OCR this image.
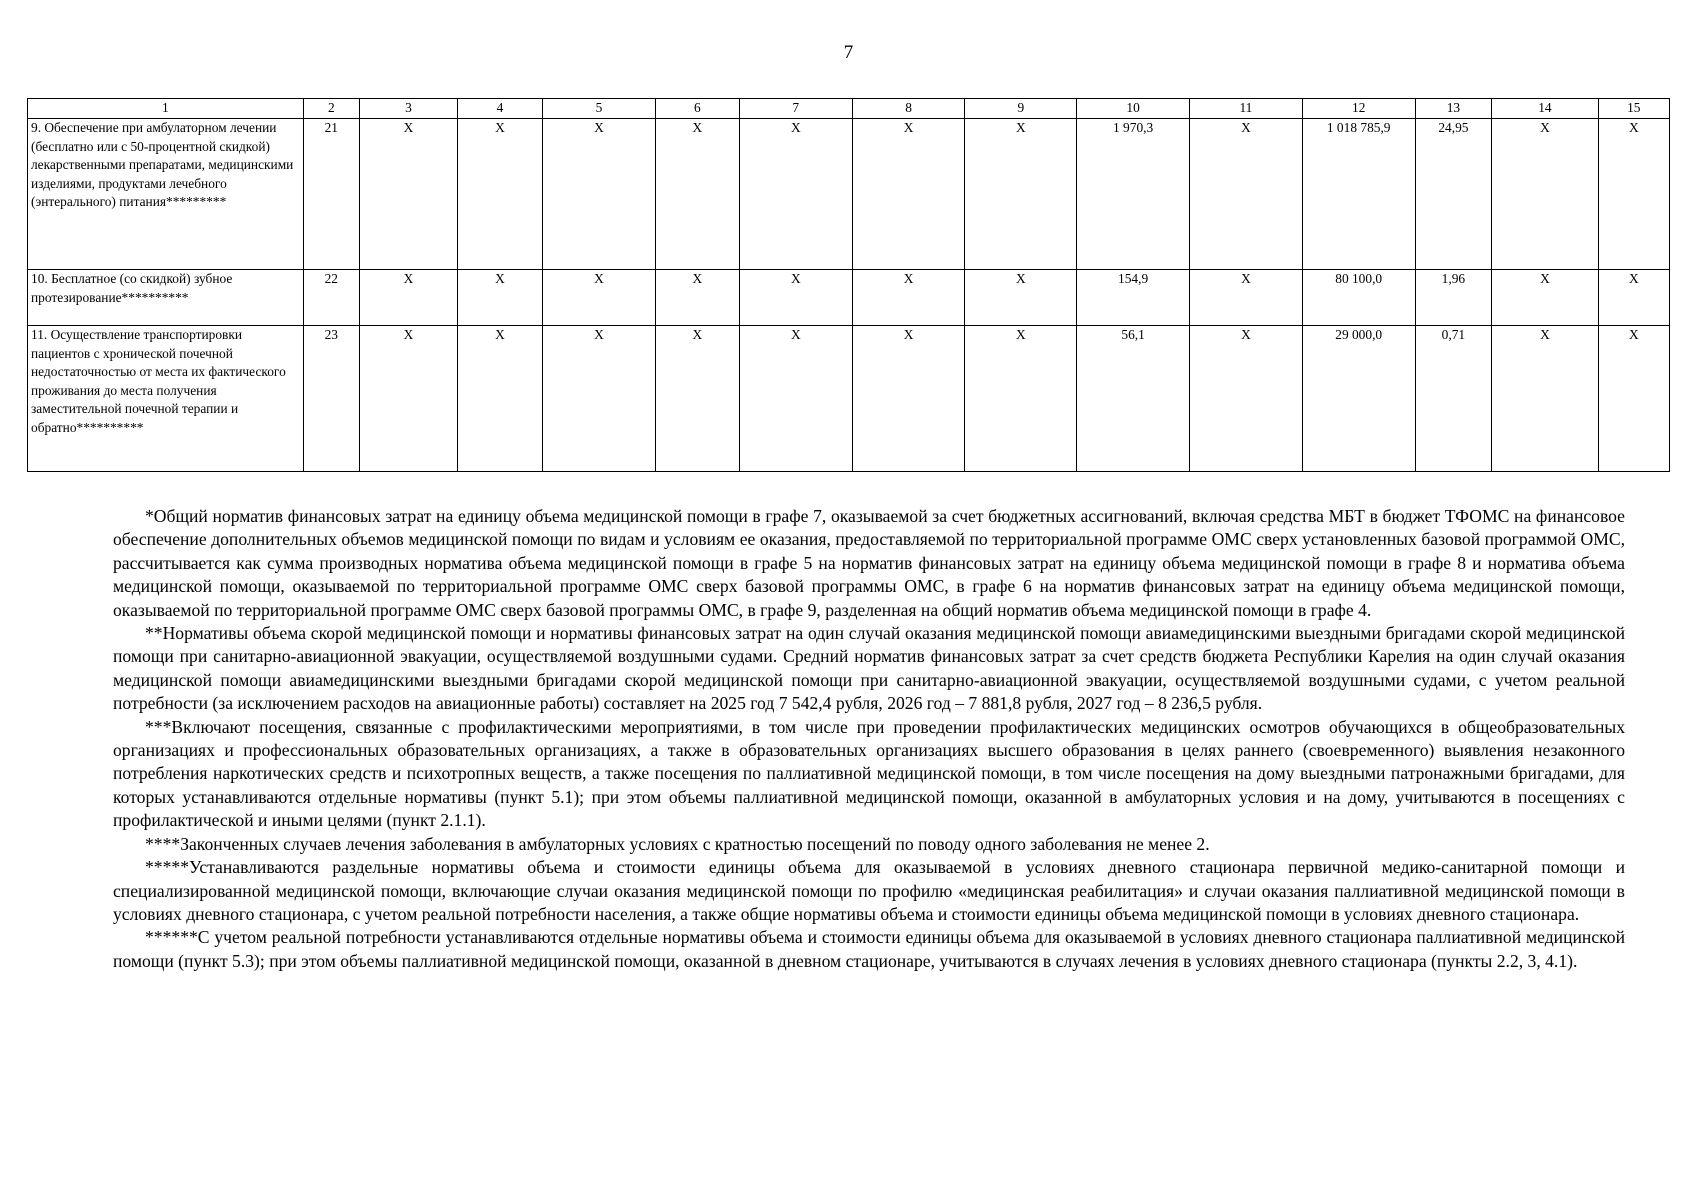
7
1	2	3	4	5	6	7	8	9	10	11	12	13	14	15
9. Обеспечение при амбулаторном лечении (бесплатно или с 50-процентной скидкой) лекарственными препаратами, медицинскими изделиями, продуктами лечебного (энтерального) питания*********	21	X	X	X	X	X	X	X	1 970,3	X	1 018 785,9	24,95	X	X
10. Бесплатное (со скидкой) зубное протезирование**********	22	X	X	X	X	X	X	X	154,9	X	80 100,0	1,96	X	X
11. Осуществление транспортировки пациентов с хронической почечной недостаточностью от места их фактического проживания до места получения заместительной почечной терапии и обратно**********	23	X	X	X	X	X	X	X	56,1	X	29 000,0	0,71	X	X

*Общий норматив финансовых затрат на единицу объема медицинской помощи в графе 7, оказываемой за счет бюджетных ассигнований, включая средства МБТ в бюджет ТФОМС на финансовое обеспечение дополнительных объемов медицинской помощи по видам и условиям ее оказания, предоставляемой по территориальной программе ОМС сверх установленных базовой программой ОМС, рассчитывается как сумма производных норматива объема медицинской помощи в графе 5 на норматив финансовых затрат на единицу объема медицинской помощи в графе 8 и норматива объема медицинской помощи, оказываемой по территориальной программе ОМС сверх базовой программы ОМС, в графе 6 на норматив финансовых затрат на единицу объема медицинской помощи, оказываемой по территориальной программе ОМС сверх базовой программы ОМС, в графе 9, разделенная на общий норматив объема медицинской помощи в графе 4.

**Нормативы объема скорой медицинской помощи и нормативы финансовых затрат на один случай оказания медицинской помощи авиамедицинскими выездными бригадами скорой медицинской помощи при санитарно-авиационной эвакуации, осуществляемой воздушными судами. Средний норматив финансовых затрат за счет средств бюджета Республики Карелия на один случай оказания медицинской помощи авиамедицинскими выездными бригадами скорой медицинской помощи при санитарно-авиационной эвакуации, осуществляемой воздушными судами, с учетом реальной потребности (за исключением расходов на авиационные работы) составляет на 2025 год 7 542,4 рубля, 2026 год – 7 881,8 рубля, 2027 год – 8 236,5 рубля.

***Включают посещения, связанные с профилактическими мероприятиями, в том числе при проведении профилактических медицинских осмотров обучающихся в общеобразовательных организациях и профессиональных образовательных организациях, а также в образовательных организациях высшего образования в целях раннего (своевременного) выявления незаконного потребления наркотических средств и психотропных веществ, а также посещения по паллиативной медицинской помощи, в том числе посещения на дому выездными патронажными бригадами, для которых устанавливаются отдельные нормативы (пункт 5.1); при этом объемы паллиативной медицинской помощи, оказанной в амбулаторных условия и на дому, учитываются в посещениях с профилактической и иными целями (пункт 2.1.1).

****Законченных случаев лечения заболевания в амбулаторных условиях с кратностью посещений по поводу одного заболевания не менее 2.

*****Устанавливаются раздельные нормативы объема и стоимости единицы объема для оказываемой в условиях дневного стационара первичной медико-санитарной помощи и специализированной медицинской помощи, включающие случаи оказания медицинской помощи по профилю «медицинская реабилитация» и случаи оказания паллиативной медицинской помощи в условиях дневного стационара, с учетом реальной потребности населения, а также общие нормативы объема и стоимости единицы объема медицинской помощи в условиях дневного стационара.

******С учетом реальной потребности устанавливаются отдельные нормативы объема и стоимости единицы объема для оказываемой в условиях дневного стационара паллиативной медицинской помощи (пункт 5.3); при этом объемы паллиативной медицинской помощи, оказанной в дневном стационаре, учитываются в случаях лечения в условиях дневного стационара (пункты 2.2, 3, 4.1).
